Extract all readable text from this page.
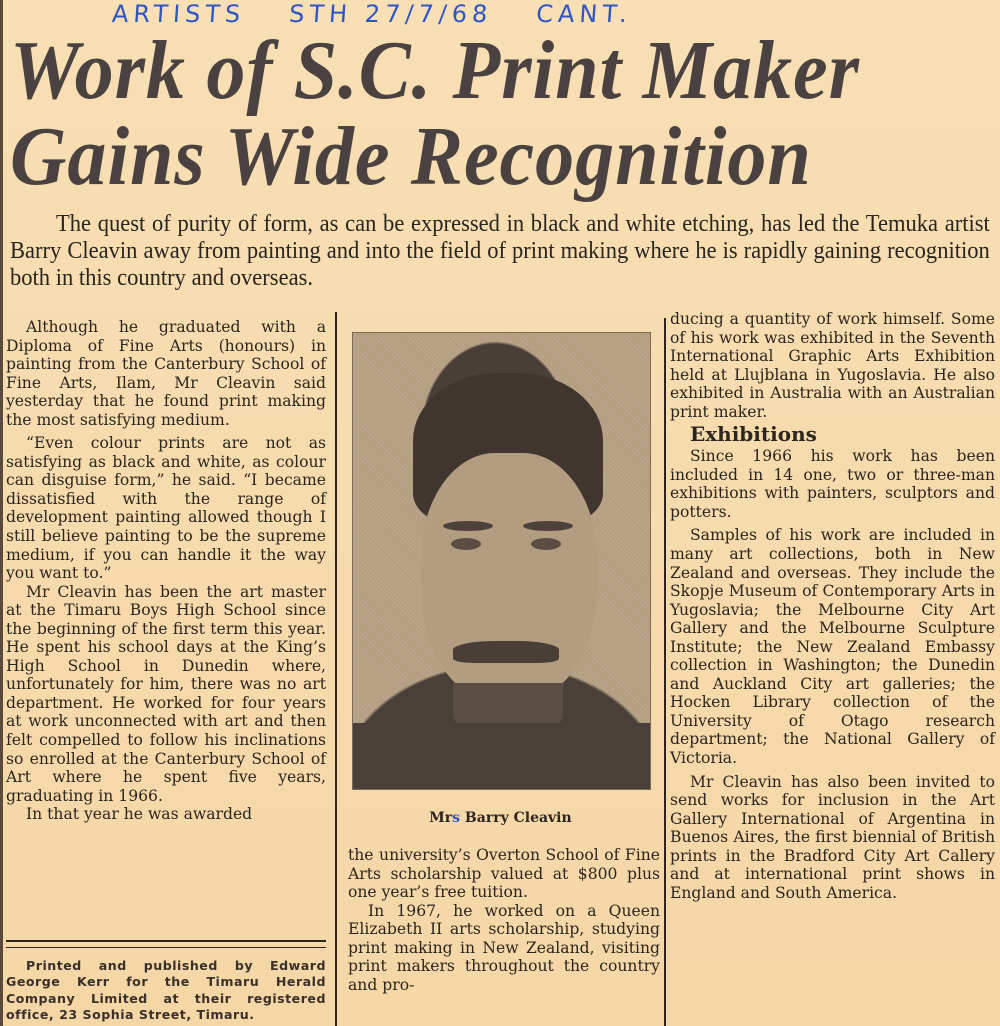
ARTISTS STH 27/7/68 CANT.
Work of S.C. Print Maker
Gains Wide Recognition
The quest of purity of form, as can be expressed in black and white etching, has led the Temuka artist Barry Cleavin away from painting and into the field of print making where he is rapidly gaining recognition both in this country and overseas.

Although he graduated with a Diploma of Fine Arts (honours) in painting from the Canterbury School of Fine Arts, Ilam, Mr Cleavin said yesterday that he found print making the most satisfying medium.

“Even colour prints are not as satisfying as black and white, as colour can disguise form,” he said. “I became dissatisfied with the range of development painting allowed though I still believe painting to be the supreme medium, if you can handle it the way you want to.”

Mr Cleavin has been the art master at the Timaru Boys High School since the beginning of the first term this year. He spent his school days at the King’s High School in Dunedin where, unfortunately for him, there was no art department. He worked for four years at work unconnected with art and then felt compelled to follow his inclinations so enrolled at the Canterbury School of Art where he spent five years, graduating in 1966.

In that year he was awarded

Printed and published by Edward George Kerr for the Timaru Herald Company Limited at their registered office, 23 Sophia Street, Timaru.

Mrs Barry Cleavin

the university’s Overton School of Fine Arts scholarship valued at $800 plus one year’s free tuition.

In 1967, he worked on a Queen Elizabeth II arts scholarship, studying print making in New Zealand, visiting print makers throughout the country and pro-

ducing a quantity of work himself. Some of his work was exhibited in the Seventh International Graphic Arts Exhibition held at Llujblana in Yugoslavia. He also exhibited in Australia with an Australian print maker.

Exhibitions

Since 1966 his work has been included in 14 one, two or three-man exhibitions with painters, sculptors and potters.

Samples of his work are included in many art collections, both in New Zealand and overseas. They include the Skopje Museum of Contemporary Arts in Yugoslavia; the Melbourne City Art Gallery and the Melbourne Sculpture Institute; the New Zealand Embassy collection in Washington; the Dunedin and Auckland City art galleries; the Hocken Library collection of the University of Otago research department; the National Gallery of Victoria.

Mr Cleavin has also been invited to send works for inclusion in the Art Gallery International of Argentina in Buenos Aires, the first biennial of British prints in the Bradford City Art Callery and at international print shows in England and South America.
